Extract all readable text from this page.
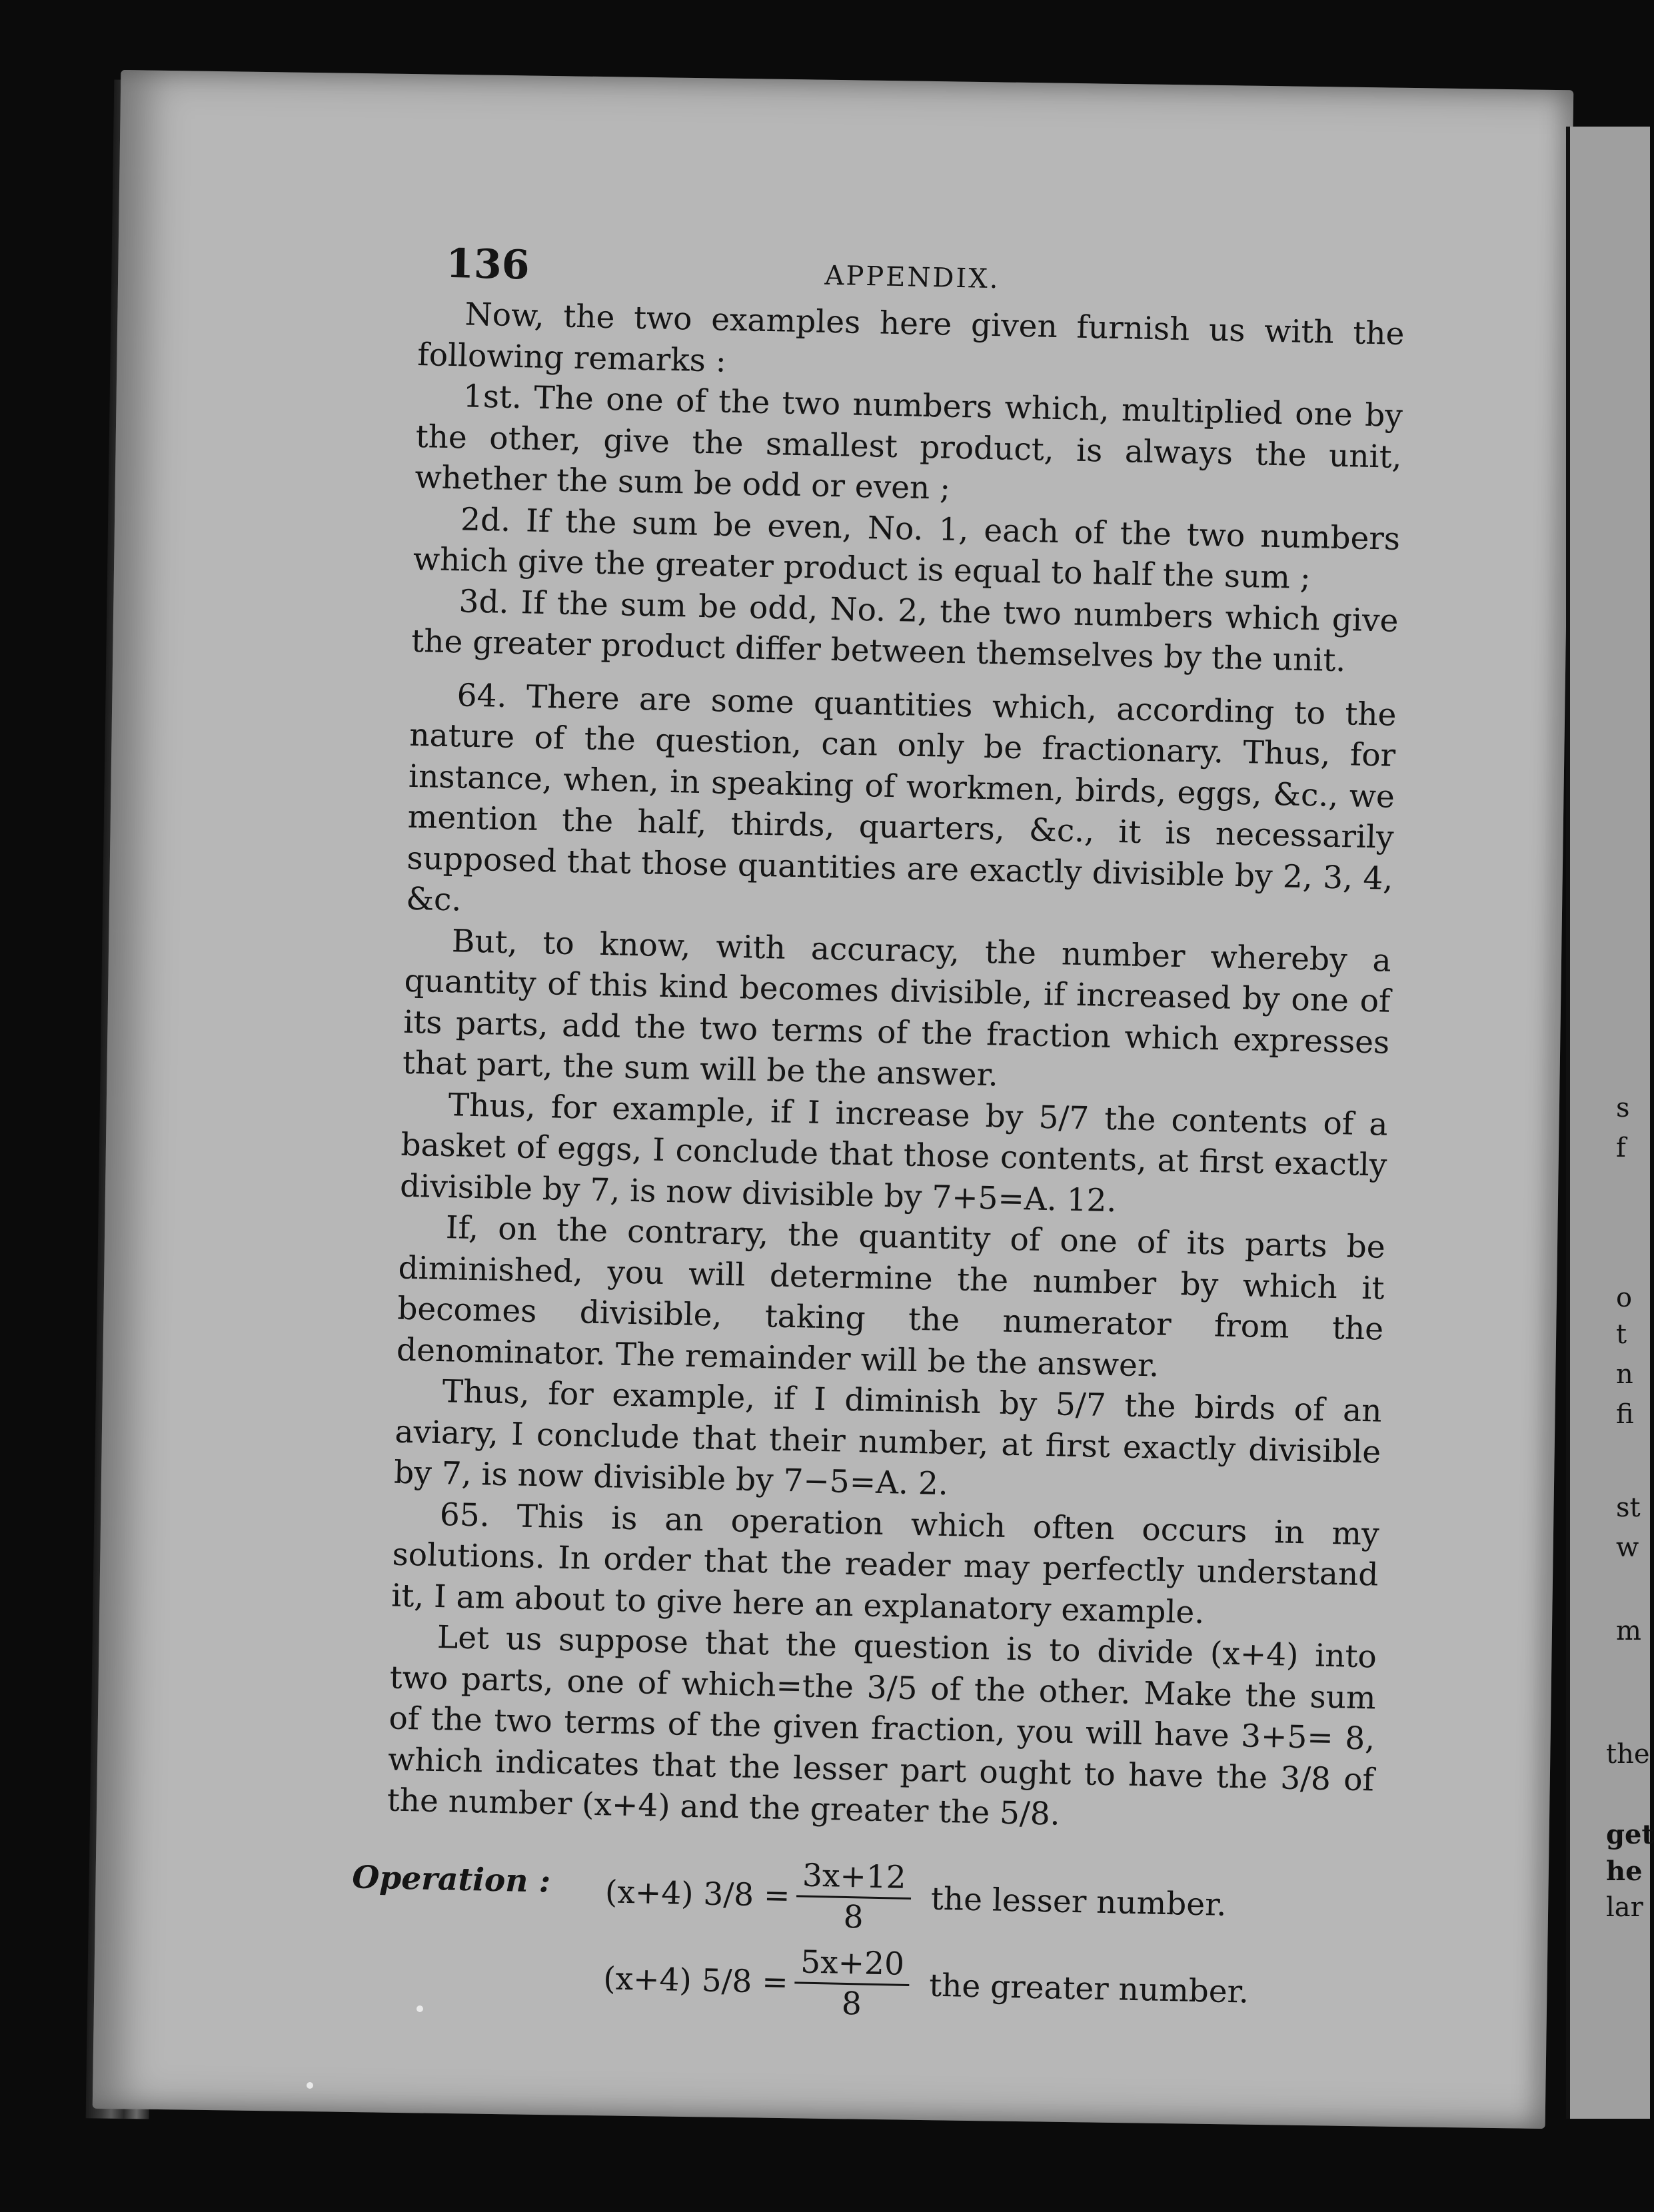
s
f
o
t
n
fi
st
w
m
the
get
he
lar
136	APPENDIX.

Now, the two examples here given furnish us with the following remarks :

1st. The one of the two numbers which, multiplied one by the other, give the smallest product, is always the unit, whether the sum be odd or even ;

2d. If the sum be even, No. 1, each of the two numbers which give the greater product is equal to half the sum ;

3d. If the sum be odd, No. 2, the two numbers which give the greater product differ between themselves by the unit.

64. There are some quantities which, according to the nature of the question, can only be fractionary. Thus, for instance, when, in speaking of workmen, birds, eggs, &c., we mention the half, thirds, quarters, &c., it is necessarily supposed that those quantities are exactly divisible by 2, 3, 4, &c.

But, to know, with accuracy, the number whereby a quantity of this kind becomes divisible, if increased by one of its parts, add the two terms of the fraction which expresses that part, the sum will be the answer.

Thus, for example, if I increase by 5/7 the contents of a basket of eggs, I conclude that those contents, at first exactly divisible by 7, is now divisible by 7+5=A. 12.

If, on the contrary, the quantity of one of its parts be diminished, you will determine the number by which it becomes divisible, taking the numerator from the denominator. The remainder will be the answer.

Thus, for example, if I diminish by 5/7 the birds of an aviary, I conclude that their number, at first exactly divisible by 7, is now divisible by 7−5=A. 2.

65. This is an operation which often occurs in my solutions. In order that the reader may perfectly understand it, I am about to give here an explanatory example.

Let us suppose that the question is to divide (x+4) into two parts, one of which=the 3/5 of the other. Make the sum of the two terms of the given fraction, you will have 3+5= 8, which indicates that the lesser part ought to have the 3/8 of the number (x+4) and the greater the 5/8.

Operation : (x+4) $3/8 = \frac{3x+12}{8}$ the lesser number.
(x+4) $5/8 = \frac{5x+20}{8}$ the greater number.
